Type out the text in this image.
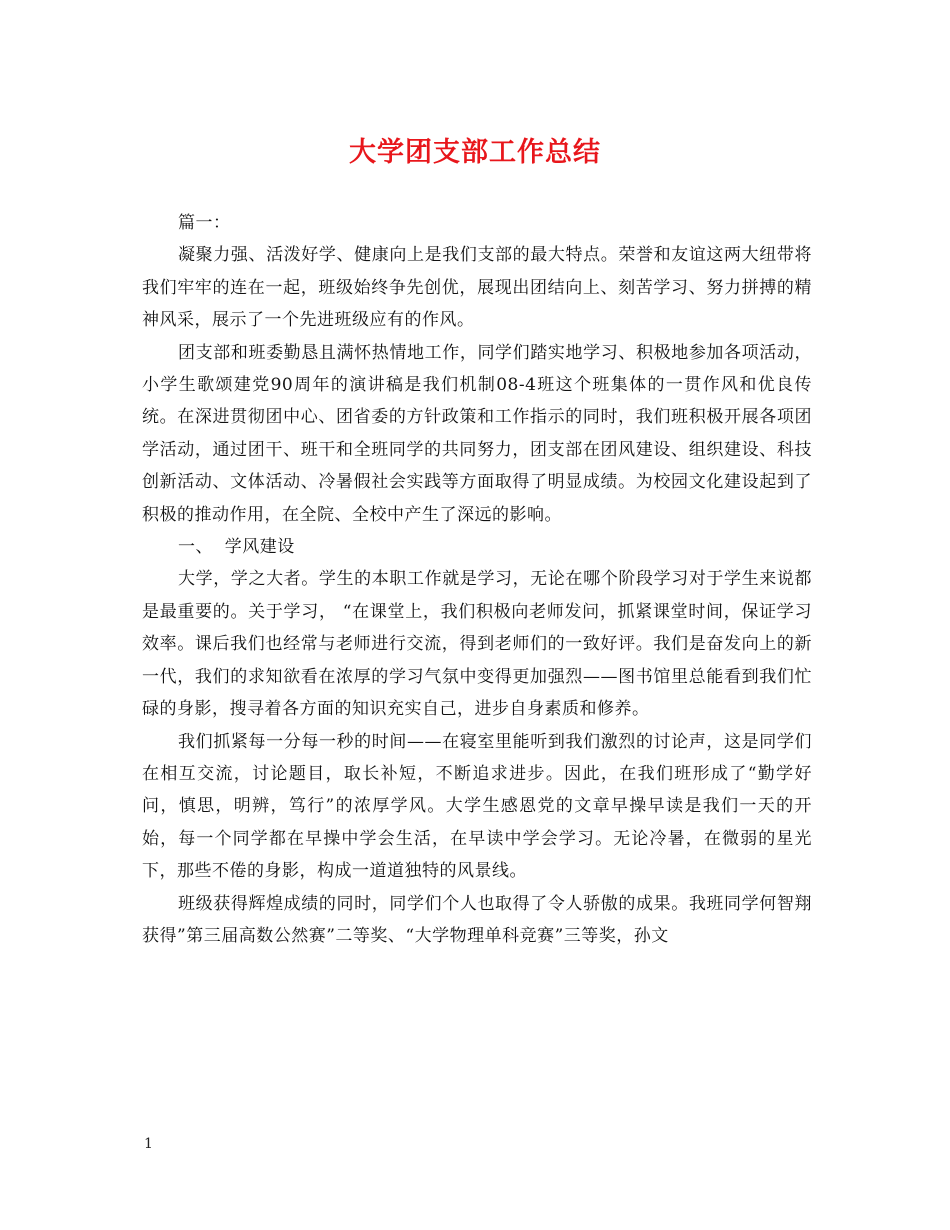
大学团支部工作总结

篇一：

凝聚力强、活泼好学、健康向上是我们支部的最大特点。荣誉和友谊这两大纽带将我们牢牢的连在一起，班级始终争先创优，展现出团结向上、刻苦学习、努力拼搏的精神风采，展示了一个先进班级应有的作风。

团支部和班委勤恳且满怀热情地工作，同学们踏实地学习、积极地参加各项活动，小学生歌颂建党90周年的演讲稿是我们机制08-4班这个班集体的一贯作风和优良传统。在深进贯彻团中心、团省委的方针政策和工作指示的同时，我们班积极开展各项团学活动，通过团干、班干和全班同学的共同努力，团支部在团风建设、组织建设、科技创新活动、文体活动、冷暑假社会实践等方面取得了明显成绩。为校园文化建设起到了积极的推动作用，在全院、全校中产生了深远的影响。

一、  学风建设

大学，学之大者。学生的本职工作就是学习，无论在哪个阶段学习对于学生来说都是最重要的。关于学习， “在课堂上，我们积极向老师发问，抓紧课堂时间，保证学习效率。课后我们也经常与老师进行交流，得到老师们的一致好评。我们是奋发向上的新一代，我们的求知欲看在浓厚的学习气氛中变得更加强烈——图书馆里总能看到我们忙碌的身影，搜寻着各方面的知识充实自己，进步自身素质和修养。

我们抓紧每一分每一秒的时间——在寝室里能听到我们激烈的讨论声，这是同学们在相互交流，讨论题目，取长补短，不断追求进步。因此，在我们班形成了“勤学好问，慎思，明辨，笃行”的浓厚学风。大学生感恩党的文章早操早读是我们一天的开始，每一个同学都在早操中学会生活，在早读中学会学习。无论冷暑，在微弱的星光下，那些不倦的身影，构成一道道独特的风景线。

班级获得辉煌成绩的同时，同学们个人也取得了令人骄傲的成果。我班同学何智翔获得”第三届高数公然赛”二等奖、“大学物理单科竞赛”三等奖，孙文

1
